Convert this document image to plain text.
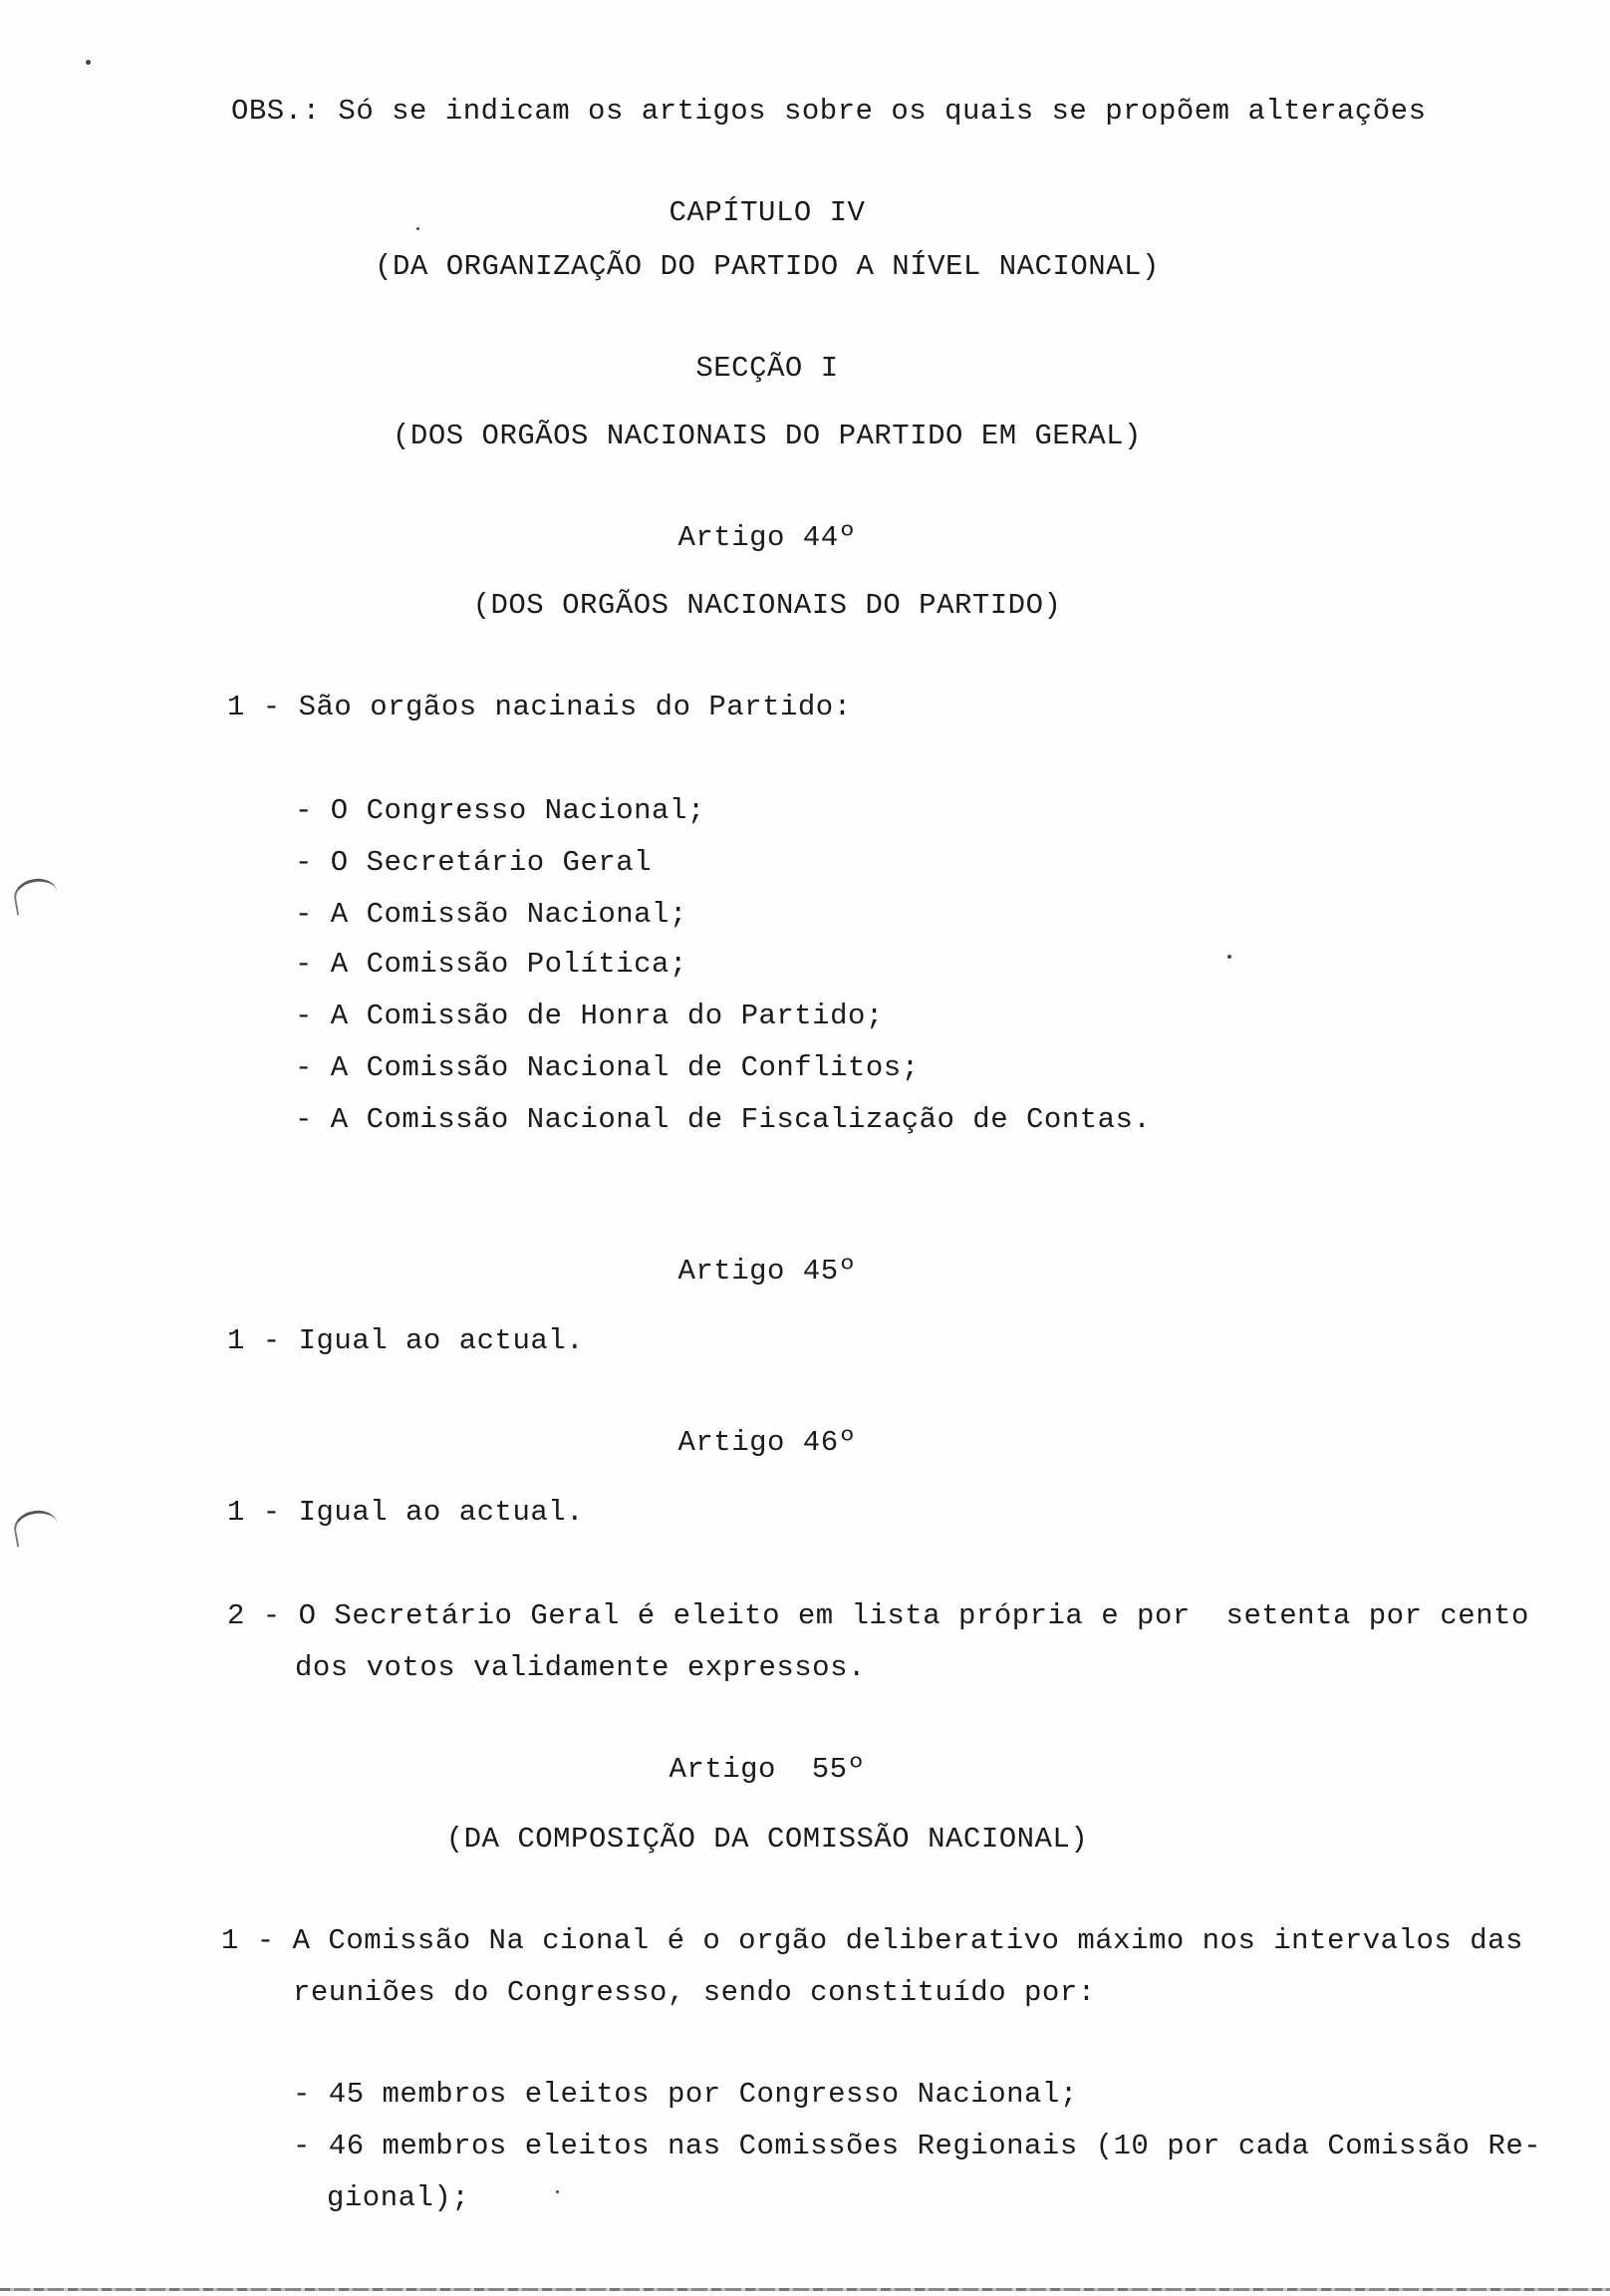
OBS.: Só se indicam os artigos sobre os quais se propõem alterações
CAPÍTULO IV
(DA ORGANIZAÇÃO DO PARTIDO A NÍVEL NACIONAL)
SECÇÃO I
(DOS ORGÃOS NACIONAIS DO PARTIDO EM GERAL)
Artigo 44º
(DOS ORGÃOS NACIONAIS DO PARTIDO)
1 - São orgãos nacinais do Partido:
- O Congresso Nacional;
- O Secretário Geral
- A Comissão Nacional;
- A Comissão Política;
- A Comissão de Honra do Partido;
- A Comissão Nacional de Conflitos;
- A Comissão Nacional de Fiscalização de Contas.
Artigo 45º
1 - Igual ao actual.
Artigo 46º
1 - Igual ao actual.
2 - O Secretário Geral é eleito em lista própria e por  setenta por cento
dos votos validamente expressos.
Artigo  55º
(DA COMPOSIÇÃO DA COMISSÃO NACIONAL)
1 - A Comissão Na cional é o orgão deliberativo máximo nos intervalos das
reuniões do Congresso, sendo constituído por:
- 45 membros eleitos por Congresso Nacional;
- 46 membros eleitos nas Comissões Regionais (10 por cada Comissão Re-
gional);
